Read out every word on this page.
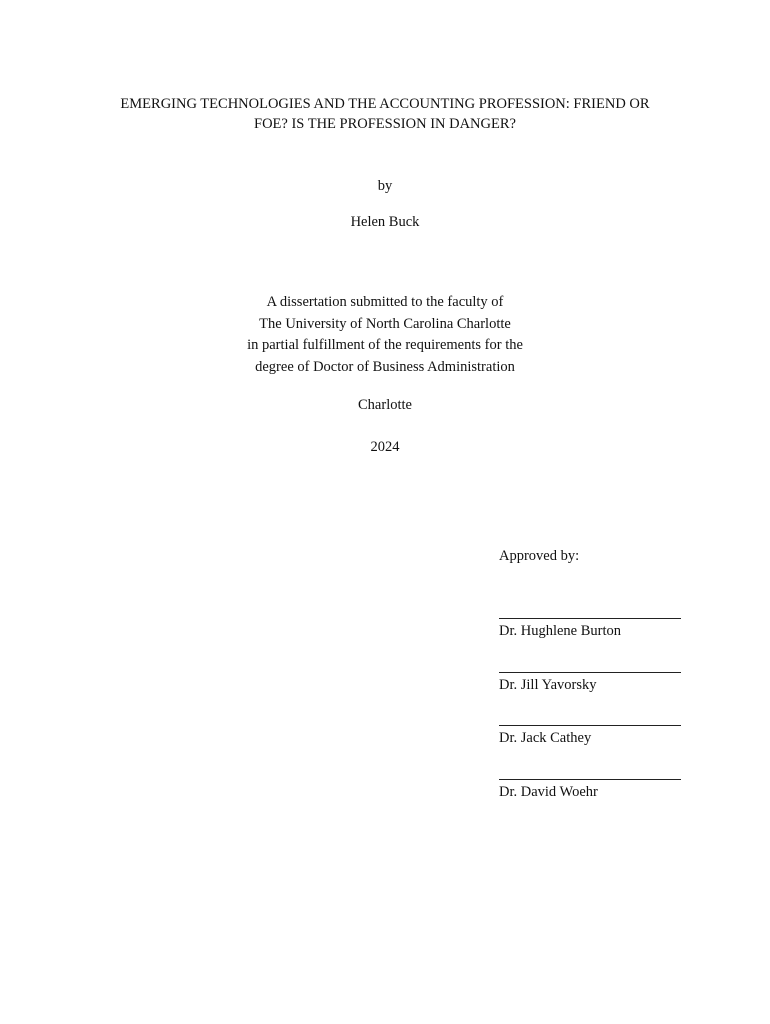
EMERGING TECHNOLOGIES AND THE ACCOUNTING PROFESSION: FRIEND OR
FOE? IS THE PROFESSION IN DANGER?
by
Helen Buck
A dissertation submitted to the faculty of
The University of North Carolina Charlotte
in partial fulfillment of the requirements for the
degree of Doctor of Business Administration
Charlotte
2024
Approved by:
Dr. Hughlene Burton
Dr. Jill Yavorsky
Dr. Jack Cathey
Dr. David Woehr
